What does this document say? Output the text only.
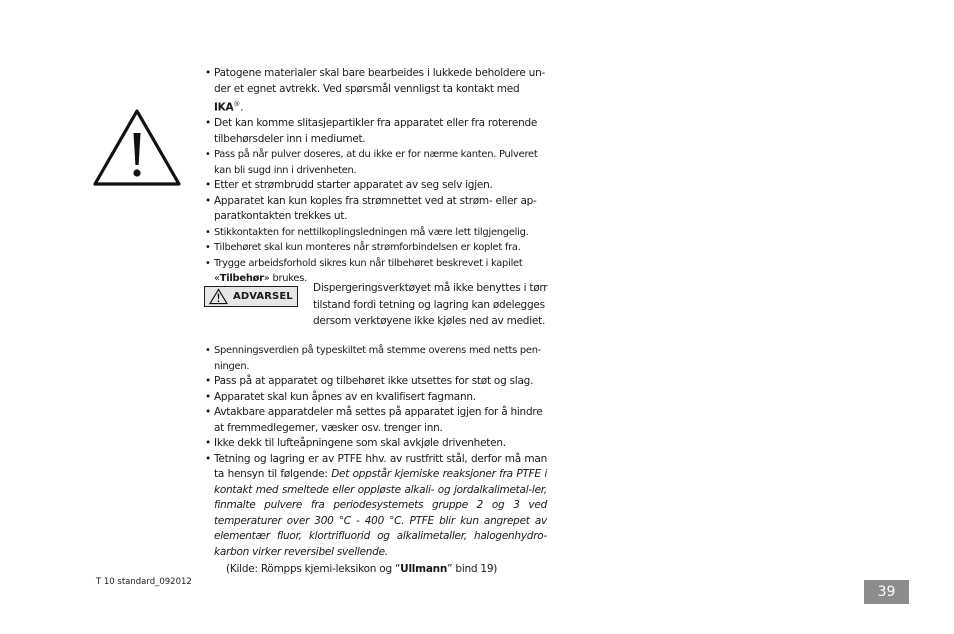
• Patogene materialer skal bare bearbeides i lukkede beholdere un-
der et egnet avtrekk. Ved spørsmål vennligst ta kontakt med IKA®.
• Det kan komme slitasjepartikler fra apparatet eller fra roterende
tilbehørsdeler inn i mediumet.
• Pass på når pulver doseres, at du ikke er for nærme kanten. Pulveret
kan bli sugd inn i drivenheten.
• Etter et strømbrudd starter apparatet av seg selv igjen.
• Apparatet kan kun koples fra strømnettet ved at strøm- eller ap-
paratkontakten trekkes ut.
• Stikkontakten for nettilkoplingsledningen må være lett tilgjengelig.
• Tilbehøret skal kun monteres når strømforbindelsen er koplet fra.
• Trygge arbeidsforhold sikres kun når tilbehøret beskrevet i kapilet
«Tilbehør» brukes.
ADVARSEL
Dispergeringsverktøyet må ikke benyttes i tørr tilstand fordi tetning og lagring kan ødelegges dersom verktøyene ikke kjøles ned av mediet.
• Spenningsverdien på typeskiltet må stemme overens med netts pen-
ningen.
• Pass på at apparatet og tilbehøret ikke utsettes for støt og slag.
• Apparatet skal kun åpnes av en kvalifisert fagmann.
• Avtakbare apparatdeler må settes på apparatet igjen for å hindre
at fremmedlegemer, væsker osv. trenger inn.
• Ikke dekk til lufteåpningene som skal avkjøle drivenheten.
• Tetning og lagring er av PTFE hhv. av rustfritt stål, derfor må man ta hensyn til følgende: Det oppstår kjemiske reaksjoner fra PTFE i kontakt med smeltede eller oppløste alkali- og jordalkalimetal-ler, finmalte pulvere fra periodesystemets gruppe 2 og 3 ved temperaturer over 300 °C - 400 °C. PTFE blir kun angrepet av elementær fluor, klortrifluorid og alkalimetaller, halogenhydro-karbon virker reversibel svellende.
(Kilde: Römpps kjemi-leksikon og “Ullmann” bind 19)
T 10 standard_092012
39
